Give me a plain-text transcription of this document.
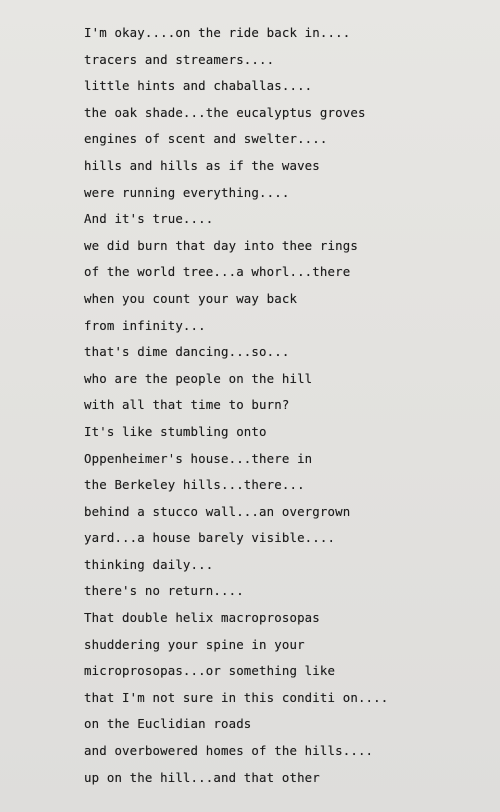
I'm okay....on the ride back in....
tracers and streamers....
little hints and chaballas....
the oak shade...the eucalyptus groves
engines of scent and swelter....
hills and hills as if the waves
were running everything....
And it's true....
we did burn that day into thee rings
of the world tree...a whorl...there
when you count your way back
from infinity...
that's dime dancing...so...
who are the people on the hill
with all that time to burn?
It's like stumbling onto
Oppenheimer's house...there in
the Berkeley hills...there...
behind a stucco wall...an overgrown
yard...a house barely visible....
thinking daily...
there's no return....
That double helix macroprosopas
shuddering your spine in your
microprosopas...or something like
that I'm not sure in this conditi on....
on the Euclidian roads
and overbowered homes of the hills....
up on the hill...and that other
